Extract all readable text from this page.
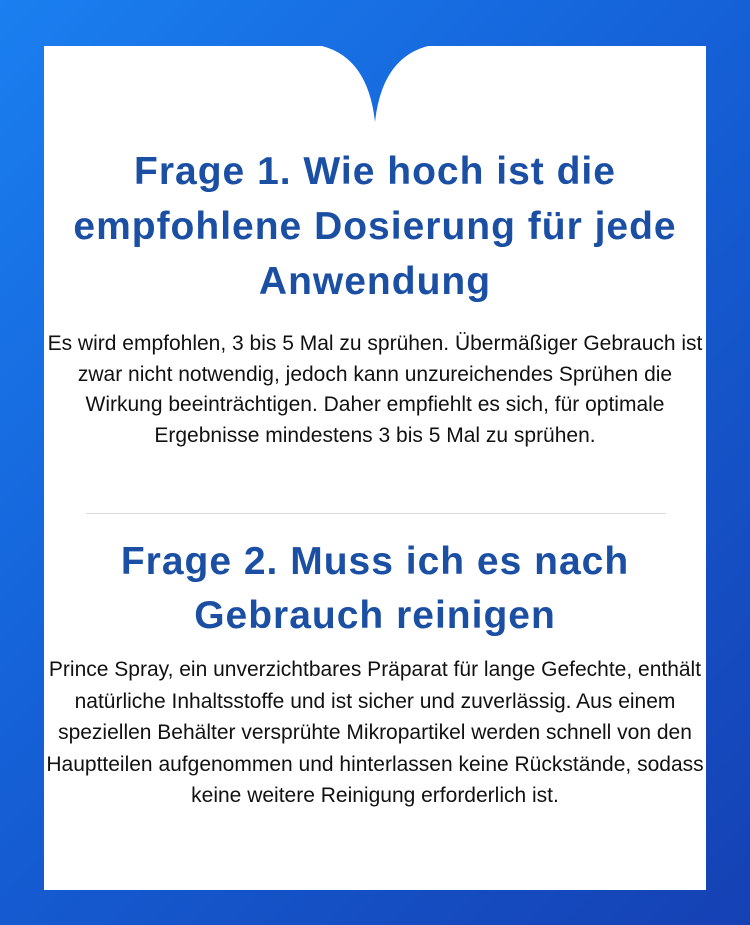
Frage 1. Wie hoch ist die empfohlene Dosierung für jede Anwendung

Es wird empfohlen, 3 bis 5 Mal zu sprühen. Übermäßiger Gebrauch ist zwar nicht notwendig, jedoch kann unzureichendes Sprühen die Wirkung beeinträchtigen. Daher empfiehlt es sich, für optimale Ergebnisse mindestens 3 bis 5 Mal zu sprühen.

Frage 2. Muss ich es nach Gebrauch reinigen

Prince Spray, ein unverzichtbares Präparat für lange Gefechte, enthält natürliche Inhaltsstoffe und ist sicher und zuverlässig. Aus einem speziellen Behälter versprühte Mikropartikel werden schnell von den Hauptteilen aufgenommen und hinterlassen keine Rückstände, sodass keine weitere Reinigung erforderlich ist.
